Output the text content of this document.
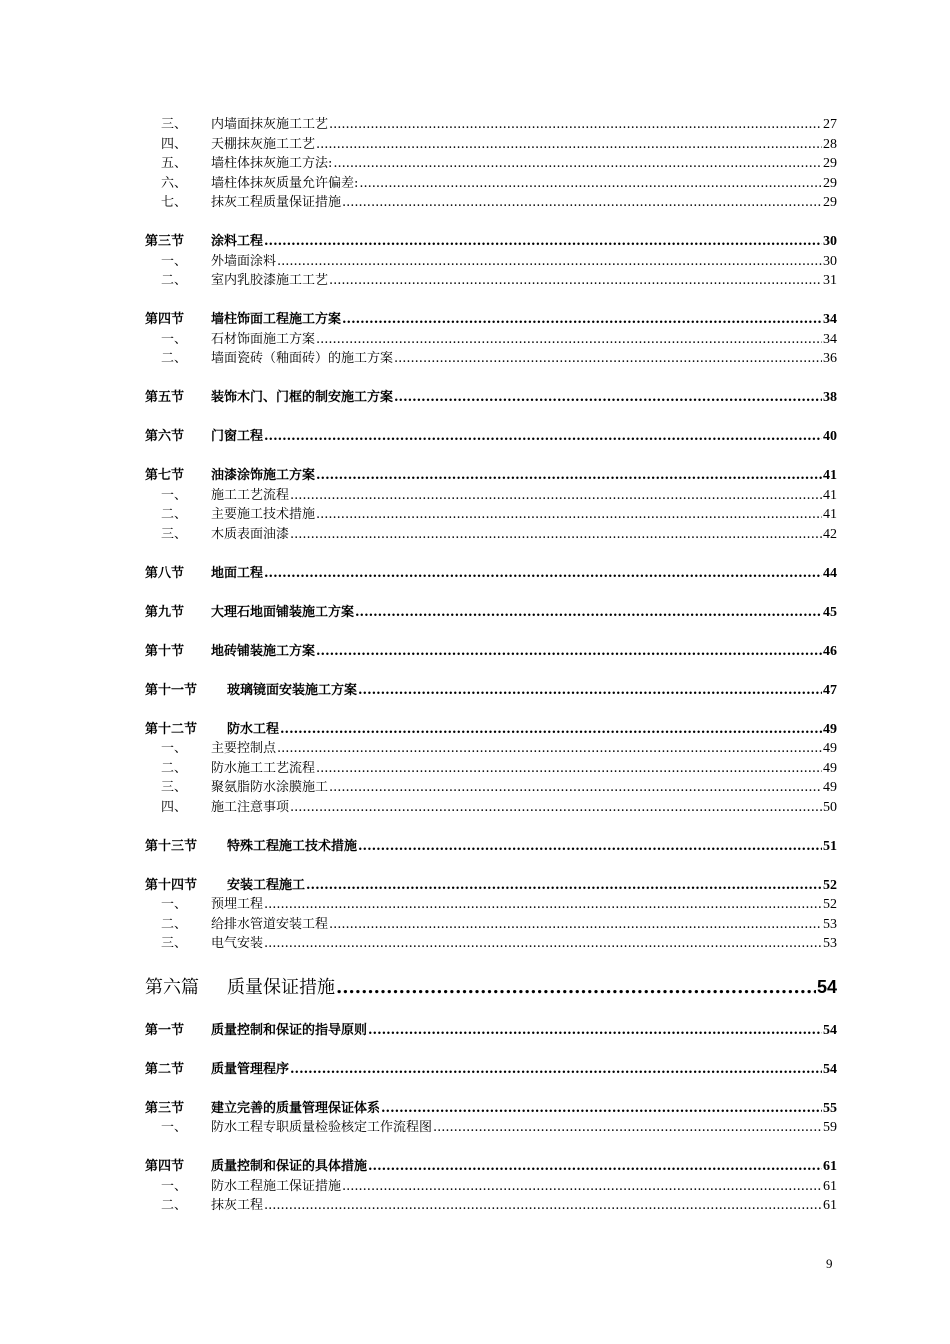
三、	内墙面抹灰施工工艺 .....	27
四、	天棚抹灰施工工艺 .....	28
五、	墙柱体抹灰施工方法: .....	29
六、	墙柱体抹灰质量允许偏差: .....	29
七、	抹灰工程质量保证措施 .....	29
第三节	涂料工程 .....	30
一、	外墙面涂料 .....	30
二、	室内乳胶漆施工工艺 .....	31
第四节	墙柱饰面工程施工方案 .....	34
一、	石材饰面施工方案 .....	34
二、	墙面瓷砖（釉面砖）的施工方案 .....	36
第五节	装饰木门、门框的制安施工方案 .....	38
第六节	门窗工程 .....	40
第七节	油漆涂饰施工方案 .....	41
一、	施工工艺流程 .....	41
二、	主要施工技术措施 .....	41
三、	木质表面油漆 .....	42
第八节	地面工程 .....	44
第九节	大理石地面铺装施工方案 .....	45
第十节	地砖铺装施工方案 .....	46
第十一节	玻璃镜面安装施工方案 .....	47
第十二节	防水工程 .....	49
一、	主要控制点 .....	49
二、	防水施工工艺流程 .....	49
三、	聚氨脂防水涂膜施工 .....	49
四、	施工注意事项 .....	50
第十三节	特殊工程施工技术措施 .....	51
第十四节	安装工程施工 .....	52
一、	预埋工程 .....	52
二、	给排水管道安装工程 .....	53
三、	电气安装 .....	53
第六篇	质量保证措施 .....	54
第一节	质量控制和保证的指导原则 .....	54
第二节	质量管理程序 .....	54
第三节	建立完善的质量管理保证体系 .....	55
一、	防水工程专职质量检验核定工作流程图 .....	59
第四节	质量控制和保证的具体措施 .....	61
一、	防水工程施工保证措施 .....	61
二、	抹灰工程 .....	61
9
